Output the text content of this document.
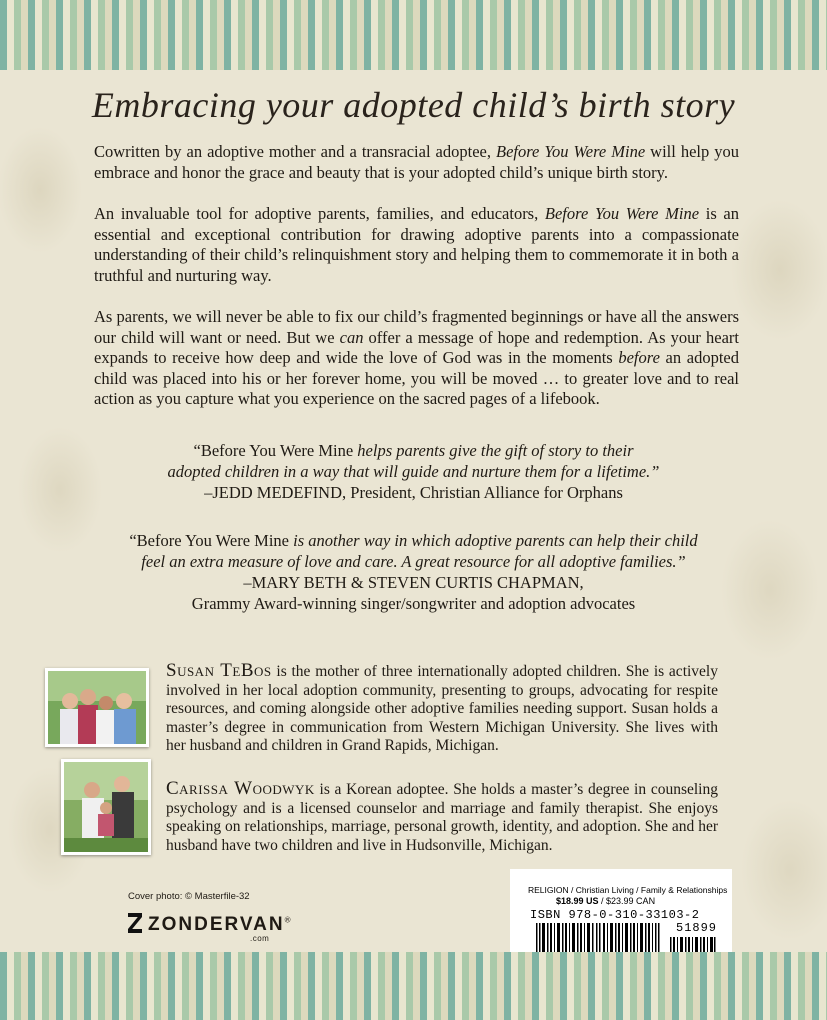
Embracing your adopted child’s birth story

Cowritten by an adoptive mother and a transracial adoptee, Before You Were Mine will help you embrace and honor the grace and beauty that is your adopted child’s unique birth story.

An invaluable tool for adoptive parents, families, and educators, Before You Were Mine is an essential and exceptional contribution for drawing adoptive parents into a compassionate understanding of their child’s relinquishment story and helping them to commemorate it in both a truthful and nurturing way.

As parents, we will never be able to fix our child’s fragmented beginnings or have all the answers our child will want or need. But we can offer a message of hope and redemption. As your heart expands to receive how deep and wide the love of God was in the moments before an adopted child was placed into his or her forever home, you will be moved … to greater love and to real action as you capture what you experience on the sacred pages of a lifebook.

“Before You Were Mine helps parents give the gift of story to their
adopted children in a way that will guide and nurture them for a lifetime.”
–JEDD MEDEFIND, President, Christian Alliance for Orphans
“Before You Were Mine is another way in which adoptive parents can help their child
feel an extra measure of love and care. A great resource for all adoptive families.”
–MARY BETH & STEVEN CURTIS CHAPMAN,
Grammy Award-winning singer/songwriter and adoption advocates
Susan TeBos is the mother of three internationally adopted children. She is actively involved in her local adoption community, presenting to groups, advocating for respite resources, and coming alongside other adoptive families needing support. Susan holds a master’s degree in communication from Western Michigan University. She lives with her husband and children in Grand Rapids, Michigan.
Carissa Woodwyk is a Korean adoptee. She holds a master’s degree in counseling psychology and is a licensed counselor and marriage and family therapist. She enjoys speaking on relationships, marriage, personal growth, identity, and adoption. She and her husband have two children and live in Hudsonville, Michigan.
Cover photo: © Masterfile-32
ZONDERVAN®
.com
RELIGION / Christian Living / Family & Relationships
$18.99 US / $23.99 CAN
ISBN 978-0-310-33103-2
51899
